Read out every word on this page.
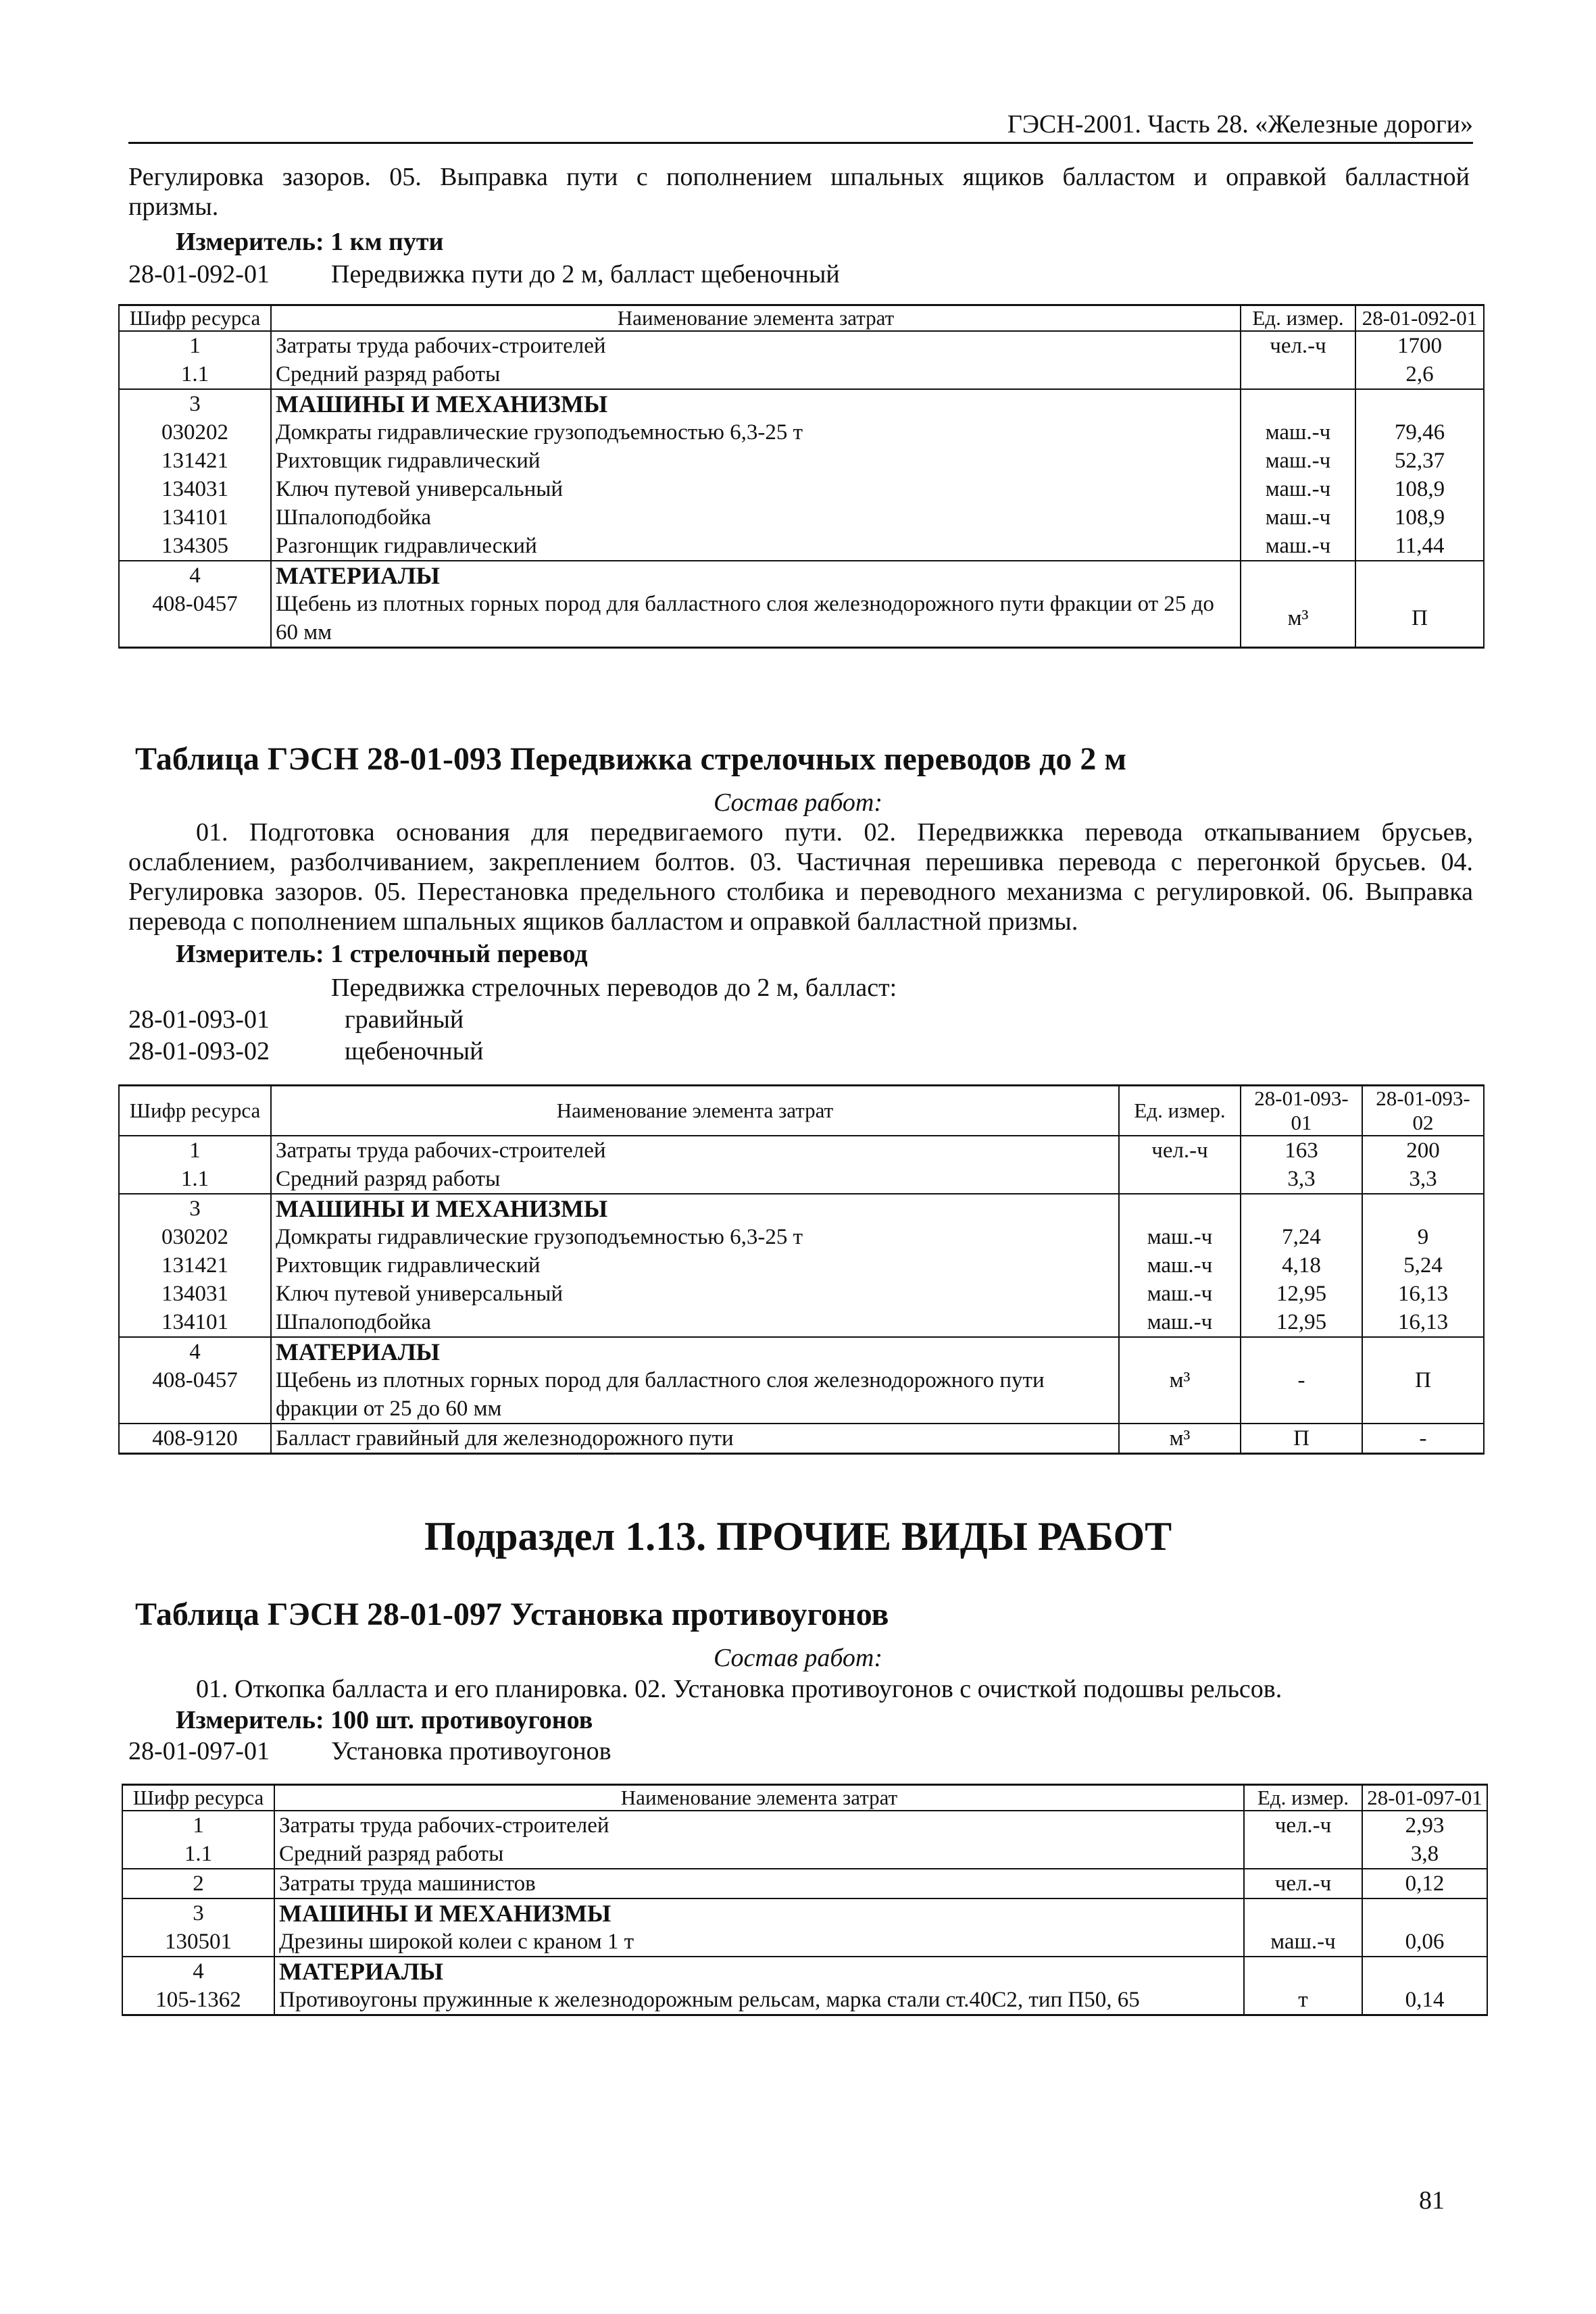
ГЭСН-2001. Часть 28. «Железные дороги»
Регулировка зазоров. 05. Выправка пути с пополнением шпальных ящиков балластом и оправкой балластной
призмы.
Измеритель: 1 км пути
28-01-092-01 Передвижка пути до 2 м, балласт щебеночный
Шифр ресурса	Наименование элемента затрат	Ед. измер.	28-01-092-01
1	Затраты труда рабочих-строителей	чел.-ч	1700
1.1	Средний разряд работы		2,6
3	МАШИНЫ И МЕХАНИЗМЫ		
030202	Домкраты гидравлические грузоподъемностью 6,3-25 т	маш.-ч	79,46
131421	Рихтовщик гидравлический	маш.-ч	52,37
134031	Ключ путевой универсальный	маш.-ч	108,9
134101	Шпалоподбойка	маш.-ч	108,9
134305	Разгонщик гидравлический	маш.-ч	11,44
4	МАТЕРИАЛЫ		
408-0457	Щебень из плотных горных пород для балластного слоя железнодорожного пути фракции от 25 до 60 мм	м³	П
Таблица ГЭСН 28-01-093 Передвижка стрелочных переводов до 2 м
Состав работ:
01. Подготовка основания для передвигаемого пути. 02. Передвижкка перевода откапыванием брусьев, ослаблением, разболчиванием, закреплением болтов. 03. Частичная перешивка перевода с перегонкой брусьев. 04. Регулировка зазоров. 05. Перестановка предельного столбика и переводного механизма с регулировкой. 06. Выправка перевода с пополнением шпальных ящиков балластом и оправкой балластной призмы.
Измеритель: 1 стрелочный перевод
Передвижка стрелочных переводов до 2 м, балласт:
28-01-093-01	гравийный
28-01-093-02	щебеночный
Шифр ресурса	Наименование элемента затрат	Ед. измер.	28-01-093-01	28-01-093-02
1	Затраты труда рабочих-строителей	чел.-ч	163	200
1.1	Средний разряд работы		3,3	3,3
3	МАШИНЫ И МЕХАНИЗМЫ			
030202	Домкраты гидравлические грузоподъемностью 6,3-25 т	маш.-ч	7,24	9
131421	Рихтовщик гидравлический	маш.-ч	4,18	5,24
134031	Ключ путевой универсальный	маш.-ч	12,95	16,13
134101	Шпалоподбойка	маш.-ч	12,95	16,13
4	МАТЕРИАЛЫ			
408-0457	Щебень из плотных горных пород для балластного слоя железнодорожного пути фракции от 25 до 60 мм	м³	-	П
408-9120	Балласт гравийный для железнодорожного пути	м³	П	-
Подраздел 1.13. ПРОЧИЕ ВИДЫ РАБОТ
Таблица ГЭСН 28-01-097 Установка противоугонов
Состав работ:
01. Откопка балласта и его планировка. 02. Установка противоугонов с очисткой подошвы рельсов.
Измеритель: 100 шт. противоугонов
28-01-097-01 Установка противоугонов
Шифр ресурса	Наименование элемента затрат	Ед. измер.	28-01-097-01
1	Затраты труда рабочих-строителей	чел.-ч	2,93
1.1	Средний разряд работы		3,8
2	Затраты труда машинистов	чел.-ч	0,12
3	МАШИНЫ И МЕХАНИЗМЫ		
130501	Дрезины широкой колеи с краном 1 т	маш.-ч	0,06
4	МАТЕРИАЛЫ		
105-1362	Противоугоны пружинные к железнодорожным рельсам, марка стали ст.40С2, тип П50, 65	т	0,14
81
